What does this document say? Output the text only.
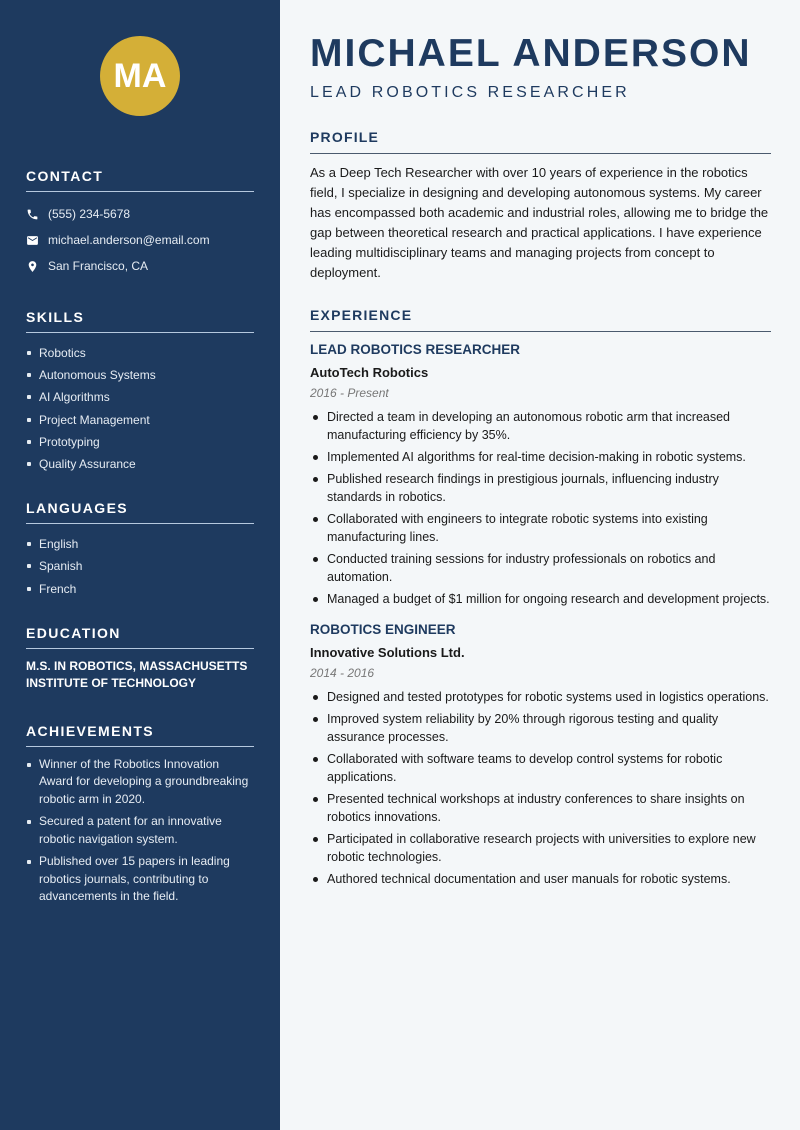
MA
CONTACT
(555) 234-5678
michael.anderson@email.com
San Francisco, CA
SKILLS
Robotics
Autonomous Systems
AI Algorithms
Project Management
Prototyping
Quality Assurance
LANGUAGES
English
Spanish
French
EDUCATION

M.S. IN ROBOTICS, MASSACHUSETTS INSTITUTE OF TECHNOLOGY

ACHIEVEMENTS
Winner of the Robotics Innovation Award for developing a groundbreaking robotic arm in 2020.
Secured a patent for an innovative robotic navigation system.
Published over 15 papers in leading robotics journals, contributing to advancements in the field.
MICHAEL ANDERSON
LEAD ROBOTICS RESEARCHER
PROFILE

As a Deep Tech Researcher with over 10 years of experience in the robotics field, I specialize in designing and developing autonomous systems. My career has encompassed both academic and industrial roles, allowing me to bridge the gap between theoretical research and practical applications. I have experience leading multidisciplinary teams and managing projects from concept to deployment.

EXPERIENCE
LEAD ROBOTICS RESEARCHER
AutoTech Robotics
2016 - Present
Directed a team in developing an autonomous robotic arm that increased manufacturing efficiency by 35%.
Implemented AI algorithms for real-time decision-making in robotic systems.
Published research findings in prestigious journals, influencing industry standards in robotics.
Collaborated with engineers to integrate robotic systems into existing manufacturing lines.
Conducted training sessions for industry professionals on robotics and automation.
Managed a budget of $1 million for ongoing research and development projects.
ROBOTICS ENGINEER
Innovative Solutions Ltd.
2014 - 2016
Designed and tested prototypes for robotic systems used in logistics operations.
Improved system reliability by 20% through rigorous testing and quality assurance processes.
Collaborated with software teams to develop control systems for robotic applications.
Presented technical workshops at industry conferences to share insights on robotics innovations.
Participated in collaborative research projects with universities to explore new robotic technologies.
Authored technical documentation and user manuals for robotic systems.
